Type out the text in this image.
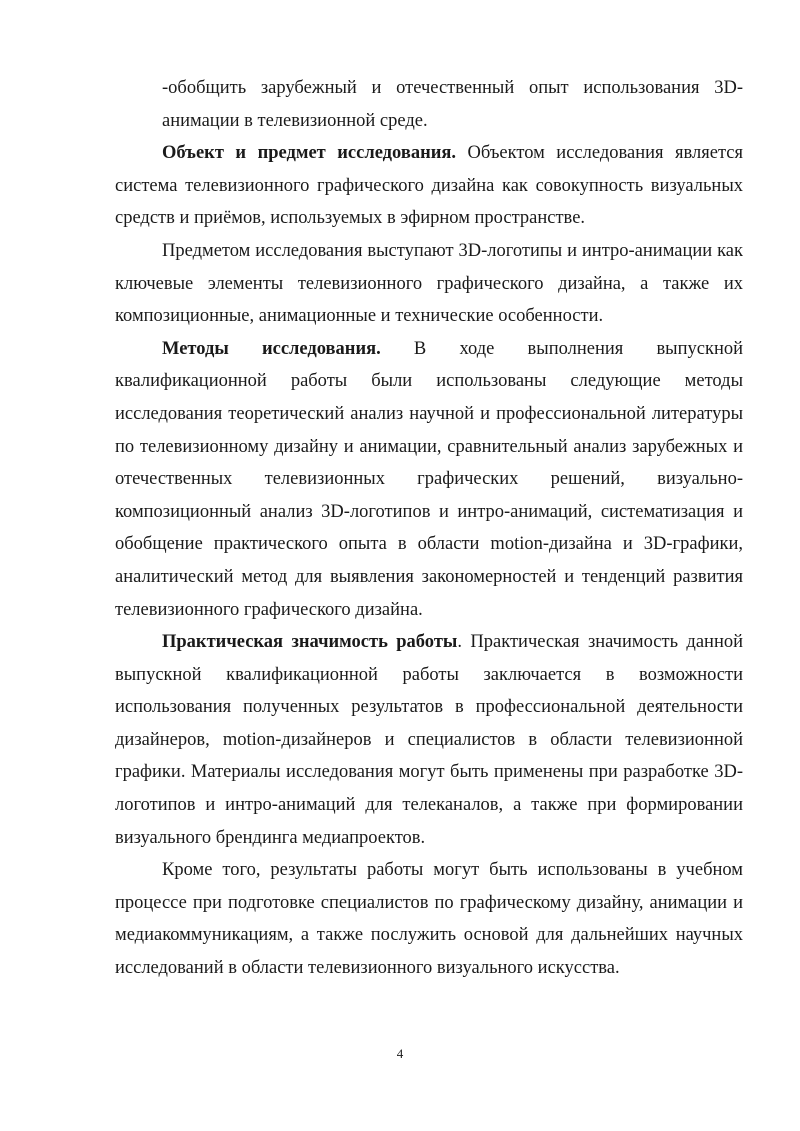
-обобщить зарубежный и отечественный опыт использования 3D-анимации в телевизионной среде.

Объект и предмет исследования. Объектом исследования является система телевизионного графического дизайна как совокупность визуальных средств и приёмов, используемых в эфирном пространстве.

Предметом исследования выступают 3D-логотипы и интро-анимации как ключевые элементы телевизионного графического дизайна, а также их композиционные, анимационные и технические особенности.

Методы исследования. В ходе выполнения выпускной квалификационной работы были использованы следующие методы исследования теоретический анализ научной и профессиональной литературы по телевизионному дизайну и анимации, сравнительный анализ зарубежных и отечественных телевизионных графических решений, визуально-композиционный анализ 3D-логотипов и интро-анимаций, систематизация и обобщение практического опыта в области motion-дизайна и 3D-графики, аналитический метод для выявления закономерностей и тенденций развития телевизионного графического дизайна.

Практическая значимость работы. Практическая значимость данной выпускной квалификационной работы заключается в возможности использования полученных результатов в профессиональной деятельности дизайнеров, motion-дизайнеров и специалистов в области телевизионной графики. Материалы исследования могут быть применены при разработке 3D-логотипов и интро-анимаций для телеканалов, а также при формировании визуального брендинга медиапроектов.

Кроме того, результаты работы могут быть использованы в учебном процессе при подготовке специалистов по графическому дизайну, анимации и медиакоммуникациям, а также послужить основой для дальнейших научных исследований в области телевизионного визуального искусства.

4
